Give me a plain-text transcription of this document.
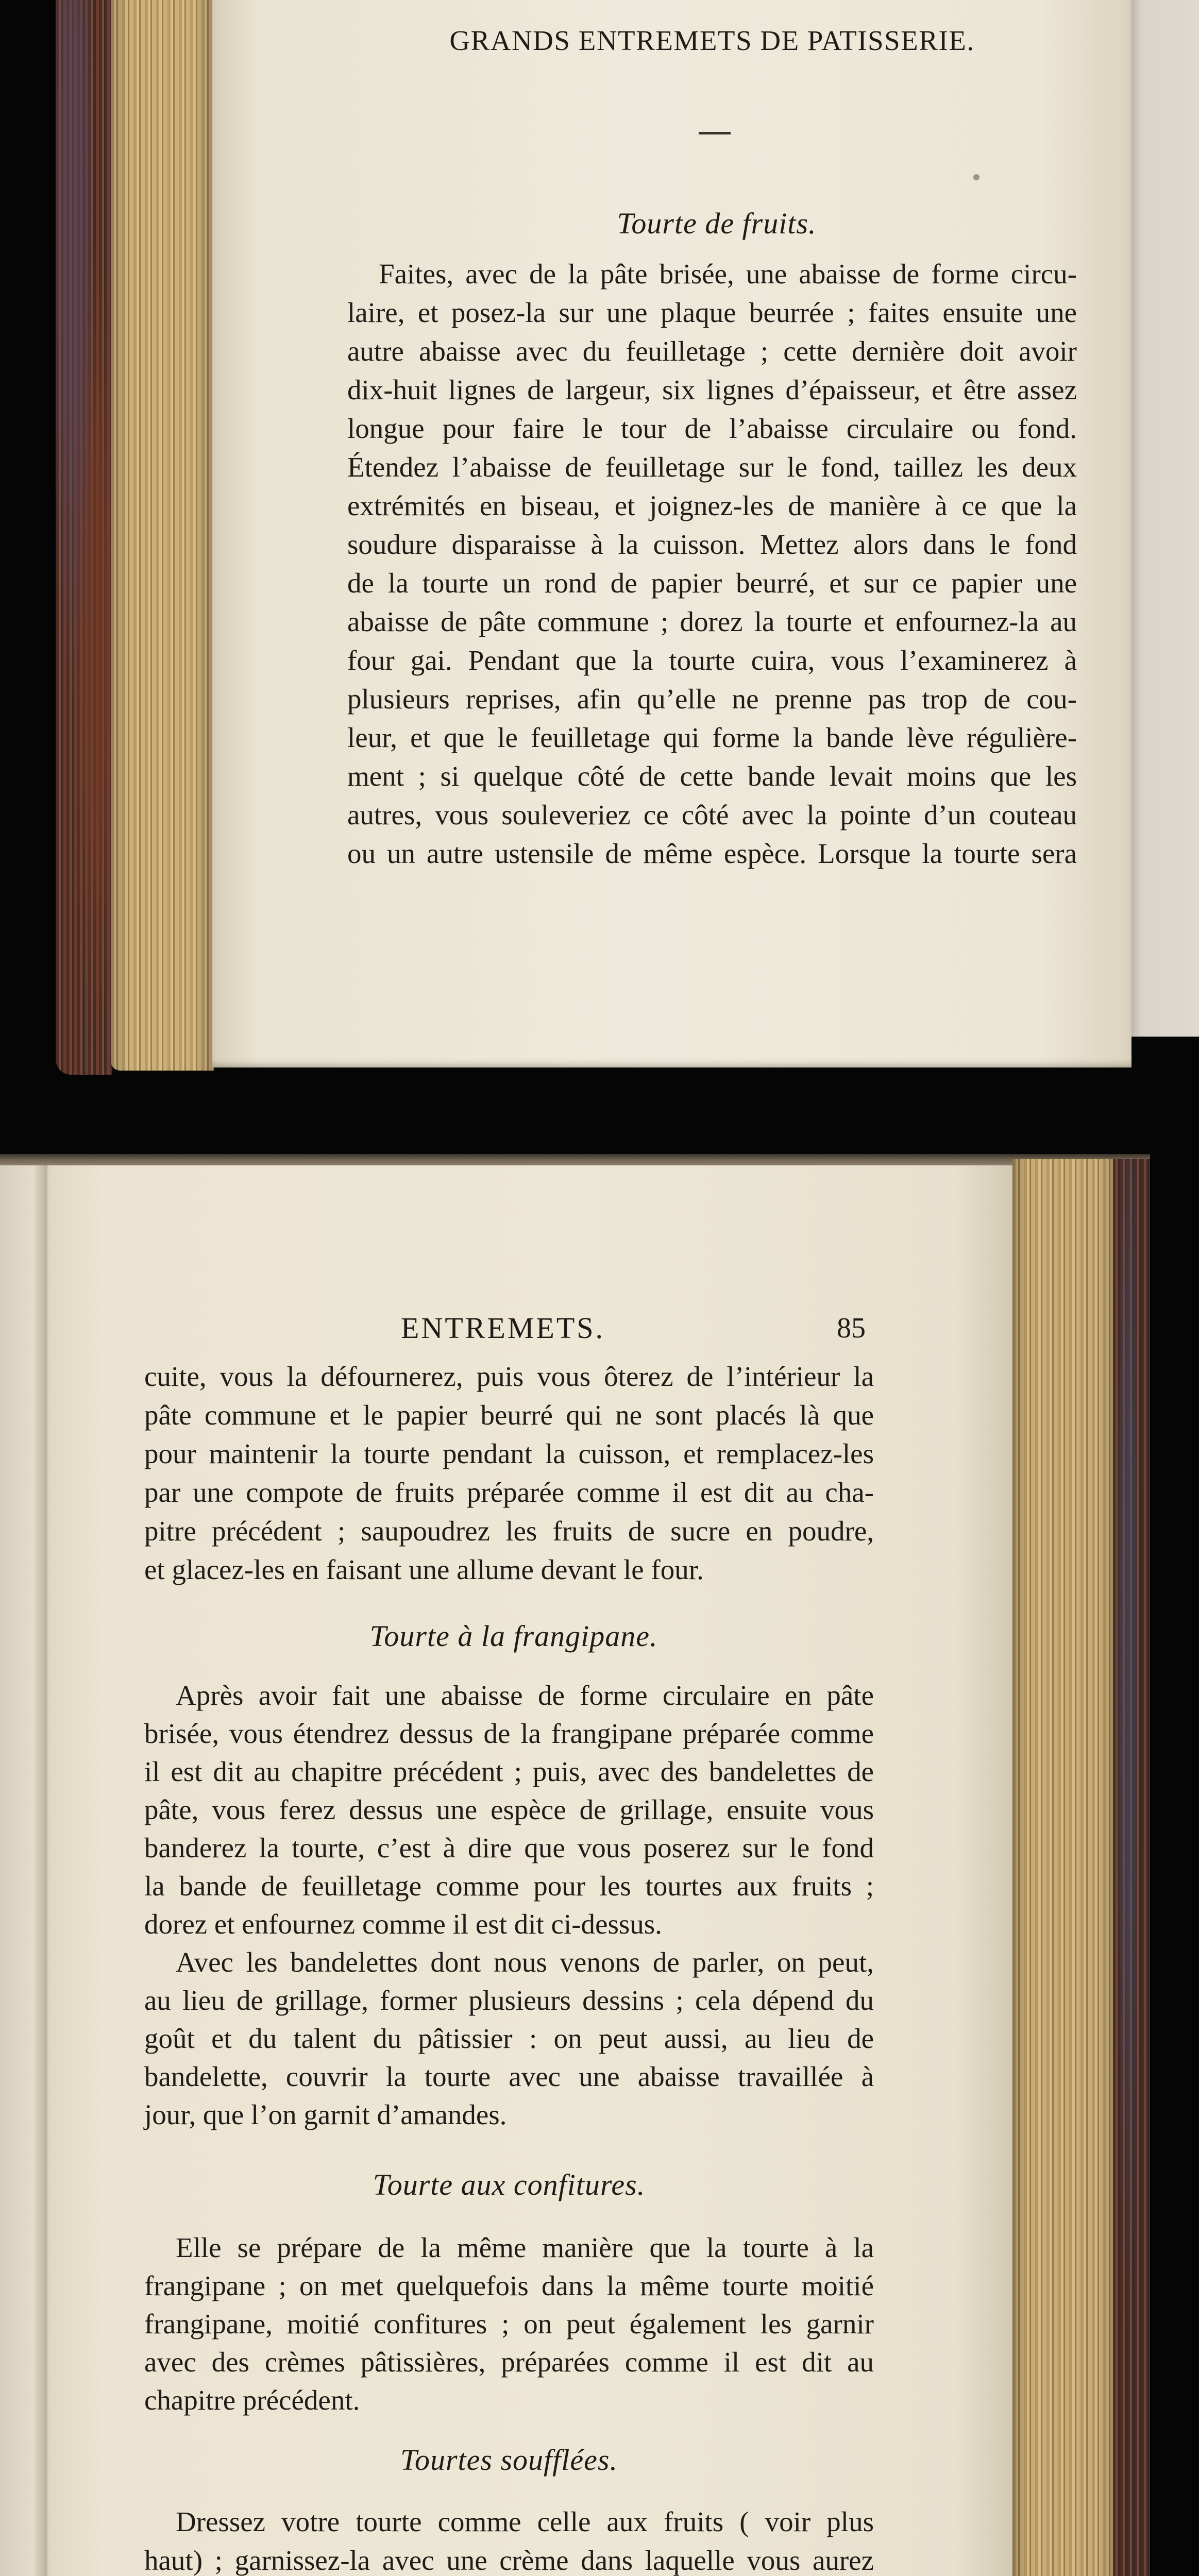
GRANDS ENTREMETS DE PATISSERIE.
Tourte de fruits.
Faites, avec de la pâte brisée, une abaisse de forme circu-
laire, et posez-la sur une plaque beurrée ; faites ensuite une
autre abaisse avec du feuilletage ; cette dernière doit avoir
dix-huit lignes de largeur, six lignes d’épaisseur, et être assez
longue pour faire le tour de l’abaisse circulaire ou fond.
Étendez l’abaisse de feuilletage sur le fond, taillez les deux
extrémités en biseau, et joignez-les de manière à ce que la
soudure disparaisse à la cuisson. Mettez alors dans le fond
de la tourte un rond de papier beurré, et sur ce papier une
abaisse de pâte commune ; dorez la tourte et enfournez-la au
four gai. Pendant que la tourte cuira, vous l’examinerez à
plusieurs reprises, afin qu’elle ne prenne pas trop de cou-
leur, et que le feuilletage qui forme la bande lève régulière-
ment ; si quelque côté de cette bande levait moins que les
autres, vous souleveriez ce côté avec la pointe d’un couteau
ou un autre ustensile de même espèce. Lorsque la tourte sera
ENTREMETS.	85
cuite, vous la défournerez, puis vous ôterez de l’intérieur la
pâte commune et le papier beurré qui ne sont placés là que
pour maintenir la tourte pendant la cuisson, et remplacez-les
par une compote de fruits préparée comme il est dit au cha-
pitre précédent ; saupoudrez les fruits de sucre en poudre,
et glacez-les en faisant une allume devant le four.
Tourte à la frangipane.
Après avoir fait une abaisse de forme circulaire en pâte
brisée, vous étendrez dessus de la frangipane préparée comme
il est dit au chapitre précédent ; puis, avec des bandelettes de
pâte, vous ferez dessus une espèce de grillage, ensuite vous
banderez la tourte, c’est à dire que vous poserez sur le fond
la bande de feuilletage comme pour les tourtes aux fruits ;
dorez et enfournez comme il est dit ci-dessus.
Avec les bandelettes dont nous venons de parler, on peut,
au lieu de grillage, former plusieurs dessins ; cela dépend du
goût et du talent du pâtissier : on peut aussi, au lieu de
bandelette, couvrir la tourte avec une abaisse travaillée à
jour, que l’on garnit d’amandes.
Tourte aux confitures.
Elle se prépare de la même manière que la tourte à la
frangipane ; on met quelquefois dans la même tourte moitié
frangipane, moitié confitures ; on peut également les garnir
avec des crèmes pâtissières, préparées comme il est dit au
chapitre précédent.
Tourtes soufflées.
Dressez votre tourte comme celle aux fruits ( voir plus
haut) ; garnissez-la avec une crème dans laquelle vous aurez
